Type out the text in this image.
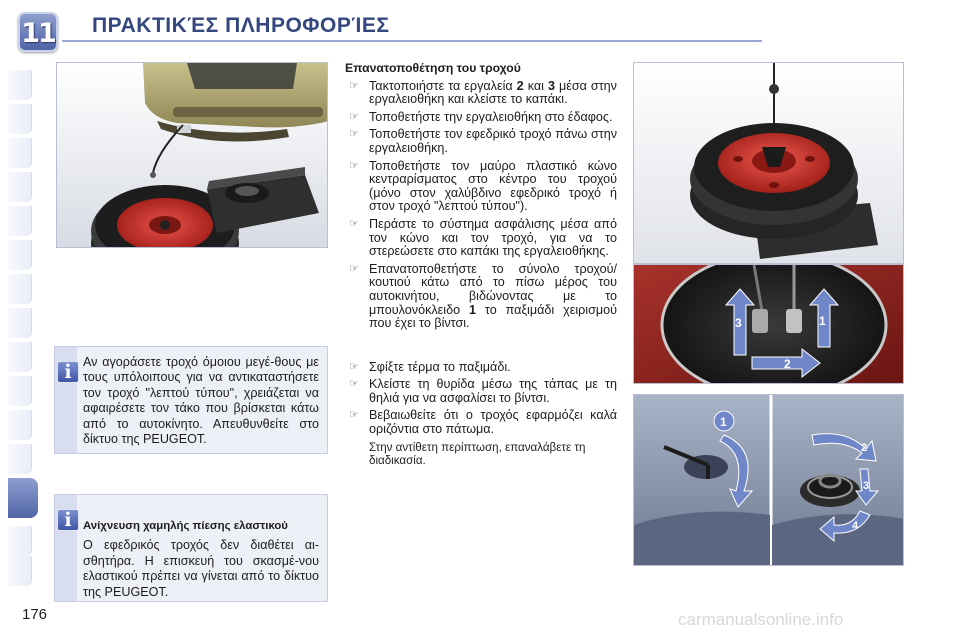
11 ΠΡΑΚΤΙΚΈΣ ΠΛΗΡΟΦΟΡΊΕΣ
i Αν αγοράσετε τροχό όμοιου μεγέ-θους με τους υπόλοιπους για να αντικαταστήσετε τον τροχό "λεπτού τύπου", χρειάζεται να αφαιρέσετε τον τάκο που βρίσκεται κάτω από το αυτοκίνητο. Απευθυνθείτε στο δίκτυο της PEUGEOT.
i Ανίχνευση χαμηλής πίεσης ελαστικού
Ο εφεδρικός τροχός δεν διαθέτει αι-σθητήρα. Η επισκευή του σκασμέ-νου ελαστικού πρέπει να γίνεται από το δίκτυο της PEUGEOT.
Επανατοποθέτηση του τροχού
☞ Τακτοποιήστε τα εργαλεία 2 και 3 μέσα στην εργαλειοθήκη και κλείστε το καπάκι.
☞ Τοποθετήστε την εργαλειοθήκη στο έδαφος.
☞ Τοποθετήστε τον εφεδρικό τροχό πάνω στην εργαλειοθήκη.
☞ Τοποθετήστε τον μαύρο πλαστικό κώνο κεντραρίσματος στο κέντρο του τροχού (μόνο στον χαλύβδινο εφεδρικό τροχό ή στον τροχό "λεπτού τύπου").
☞ Περάστε το σύστημα ασφάλισης μέσα από τον κώνο και τον τροχό, για να το στερεώσετε στο καπάκι της εργαλειοθήκης.
☞ Επανατοποθετήστε το σύνολο τροχού/κουτιού κάτω από το πίσω μέρος του αυτοκινήτου, βιδώνοντας με το μπουλονόκλειδο 1 το παξιμάδι χειρισμού που έχει το βίντσι.
☞ Σφίξτε τέρμα το παξιμάδι.
☞ Κλείστε τη θυρίδα μέσω της τάπας με τη θηλιά για να ασφαλίσει το βίντσι.
☞ Βεβαιωθείτε ότι ο τροχός εφαρμόζει καλά οριζόντια στο πάτωμα.
Στην αντίθετη περίπτωση, επαναλάβετε τη διαδικασία.
3	1
2
1
2
3
4
176	carmanualsonline.info
